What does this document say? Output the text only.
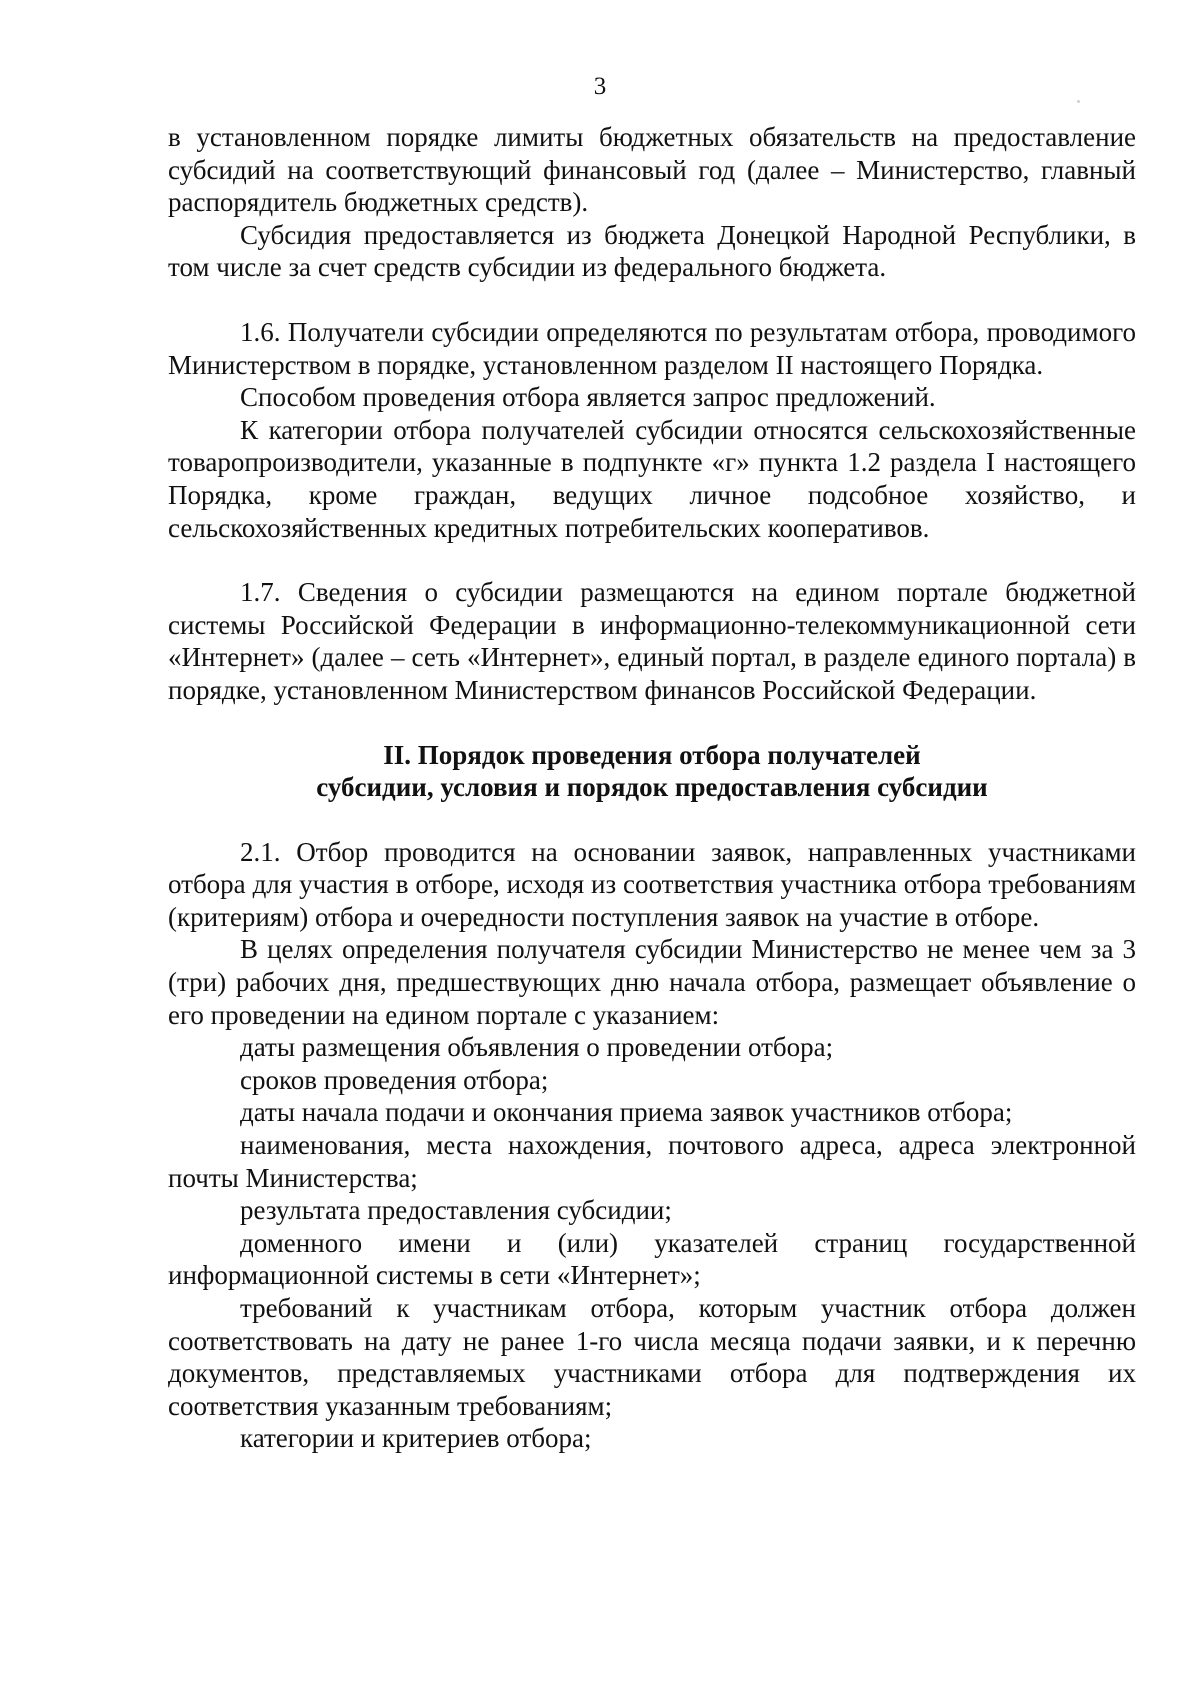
3

в установленном порядке лимиты бюджетных обязательств на предоставление субсидий на соответствующий финансовый год (далее – Министерство, главный распорядитель бюджетных средств).

Субсидия предоставляется из бюджета Донецкой Народной Республики, в том числе за счет средств субсидии из федерального бюджета.

1.6. Получатели субсидии определяются по результатам отбора, проводимого Министерством в порядке, установленном разделом II настоящего Порядка.

Способом проведения отбора является запрос предложений.

К категории отбора получателей субсидии относятся сельскохозяйственные товаропроизводители, указанные в подпункте «г» пункта 1.2 раздела I настоящего Порядка, кроме граждан, ведущих личное подсобное хозяйство, и сельскохозяйственных кредитных потребительских кооперативов.

1.7. Сведения о субсидии размещаются на едином портале бюджетной системы Российской Федерации в информационно-телекоммуникационной сети «Интернет» (далее – сеть «Интернет», единый портал, в разделе единого портала) в порядке, установленном Министерством финансов Российской Федерации.

II. Порядок проведения отбора получателей
субсидии, условия и порядок предоставления субсидии

2.1. Отбор проводится на основании заявок, направленных участниками отбора для участия в отборе, исходя из соответствия участника отбора требованиям (критериям) отбора и очередности поступления заявок на участие в отборе.

В целях определения получателя субсидии Министерство не менее чем за 3 (три) рабочих дня, предшествующих дню начала отбора, размещает объявление о его проведении на едином портале с указанием:

даты размещения объявления о проведении отбора;

сроков проведения отбора;

даты начала подачи и окончания приема заявок участников отбора;

наименования, места нахождения, почтового адреса, адреса электронной почты Министерства;

результата предоставления субсидии;

доменного имени и (или) указателей страниц государственной информационной системы в сети «Интернет»;

требований к участникам отбора, которым участник отбора должен соответствовать на дату не ранее 1-го числа месяца подачи заявки, и к перечню документов, представляемых участниками отбора для подтверждения их соответствия указанным требованиям;

категории и критериев отбора;
